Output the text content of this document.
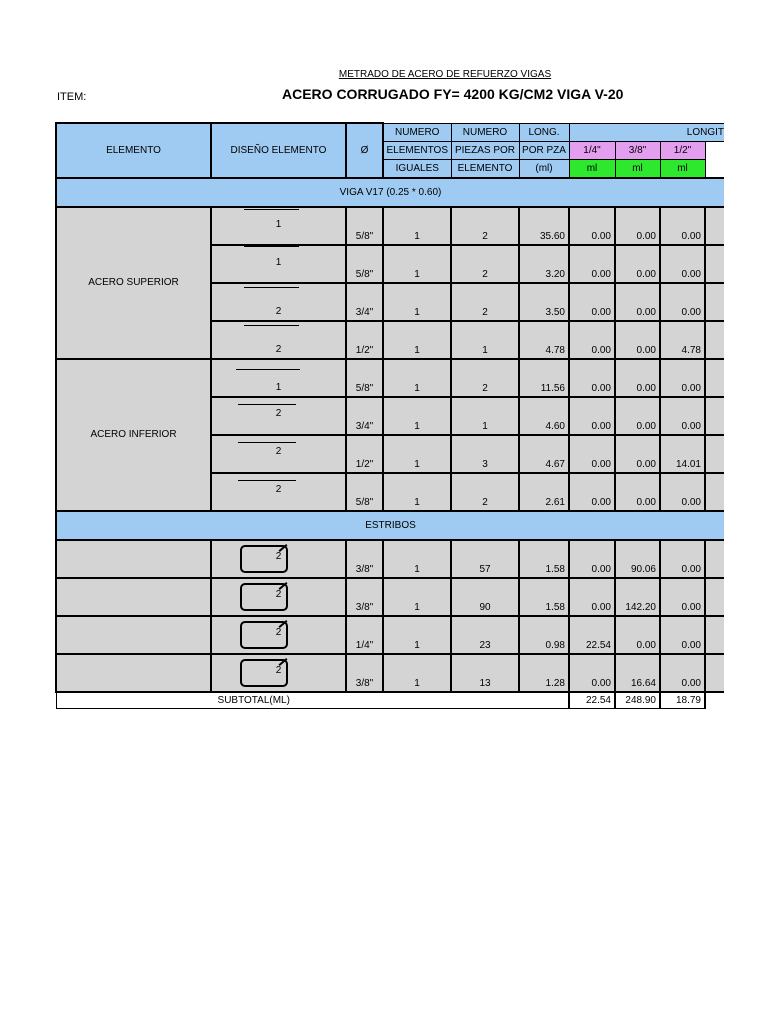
METRADO DE ACERO DE REFUERZO VIGAS
ACERO CORRUGADO FY= 4200 KG/CM2 VIGA V-20
ITEM:
ELEMENTO	DISEÑO ELEMENTO	Ø	NUMERO	NUMERO	LONG.	LONGIT			
			ELEMENTOS	PIEZAS POR	POR PZA	1/4"	3/8"	1/2"	
			IGUALES	ELEMENTO	(ml)	ml	ml	ml	
VIGA V17 (0.25 * 0.60)									
ACERO SUPERIOR	1	5/8"	1	2	35.60	0.00	0.00	0.00	

	1	5/8"	1	2	3.20	0.00	0.00	0.00	

	2	3/4"	1	2	3.50	0.00	0.00	0.00	

	2	1/2"	1	1	4.78	0.00	0.00	4.78	
ACERO INFERIOR	1	5/8"	1	2	11.56	0.00	0.00	0.00	

	2	3/4"	1	1	4.60	0.00	0.00	0.00	

	2	1/2"	1	3	4.67	0.00	0.00	14.01	

	2	5/8"	1	2	2.61	0.00	0.00	0.00	
ESTRIBOS									

	2	3/8"	1	57	1.58	0.00	90.06	0.00	

	2	3/8"	1	90	1.58	0.00	142.20	0.00	

	2	1/4"	1	23	0.98	22.54	0.00	0.00	

	2	3/8"	1	13	1.28	0.00	16.64	0.00	
SUBTOTAL(ML)						22.54	248.90	18.79	
